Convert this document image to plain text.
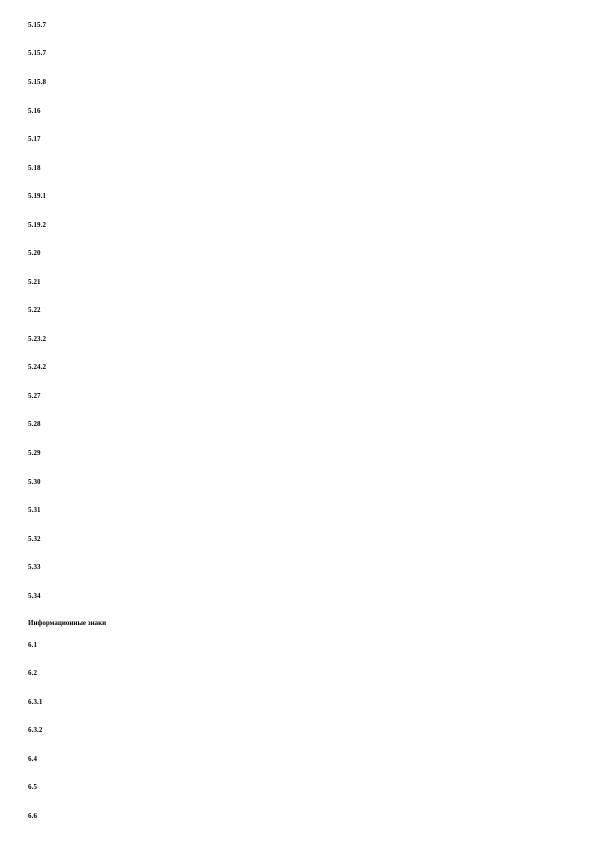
5.15.7
5.15.7
5.15.8
5.16
5.17
5.18
5.19.1
5.19.2
5.20
5.21
5.22
5.23.2
5.24.2
5.27
5.28
5.29
5.30
5.31
5.32
5.33
5.34
Информационные знаки
6.1
6.2
6.3.1
6.3.2
6.4
6.5
6.6
